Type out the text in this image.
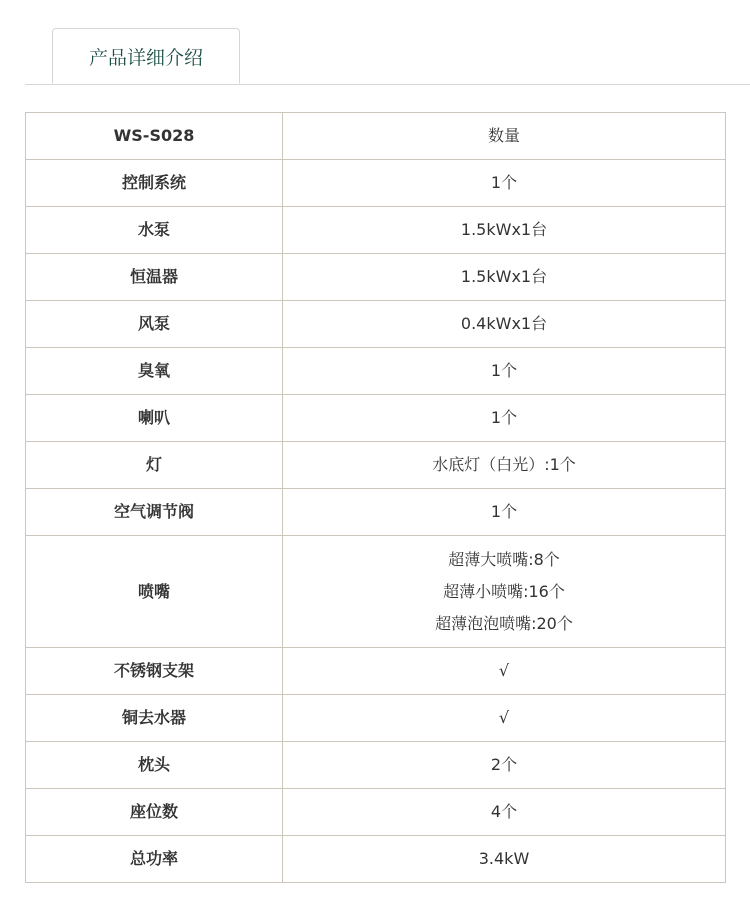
产品详细介绍
WS-S028	数量
控制系统	1个

水泵	1.5kWx1台

恒温器	1.5kWx1台

风泵	0.4kWx1台

臭氧	1个

喇叭	1个

灯	水底灯（白光）:1个

空气调节阀	1个

喷嘴	超薄大喷嘴:8个
超薄小喷嘴:16个
超薄泡泡喷嘴:20个

不锈钢支架	√

铜去水器	√

枕头	2个

座位数	4个

总功率	3.4kW
